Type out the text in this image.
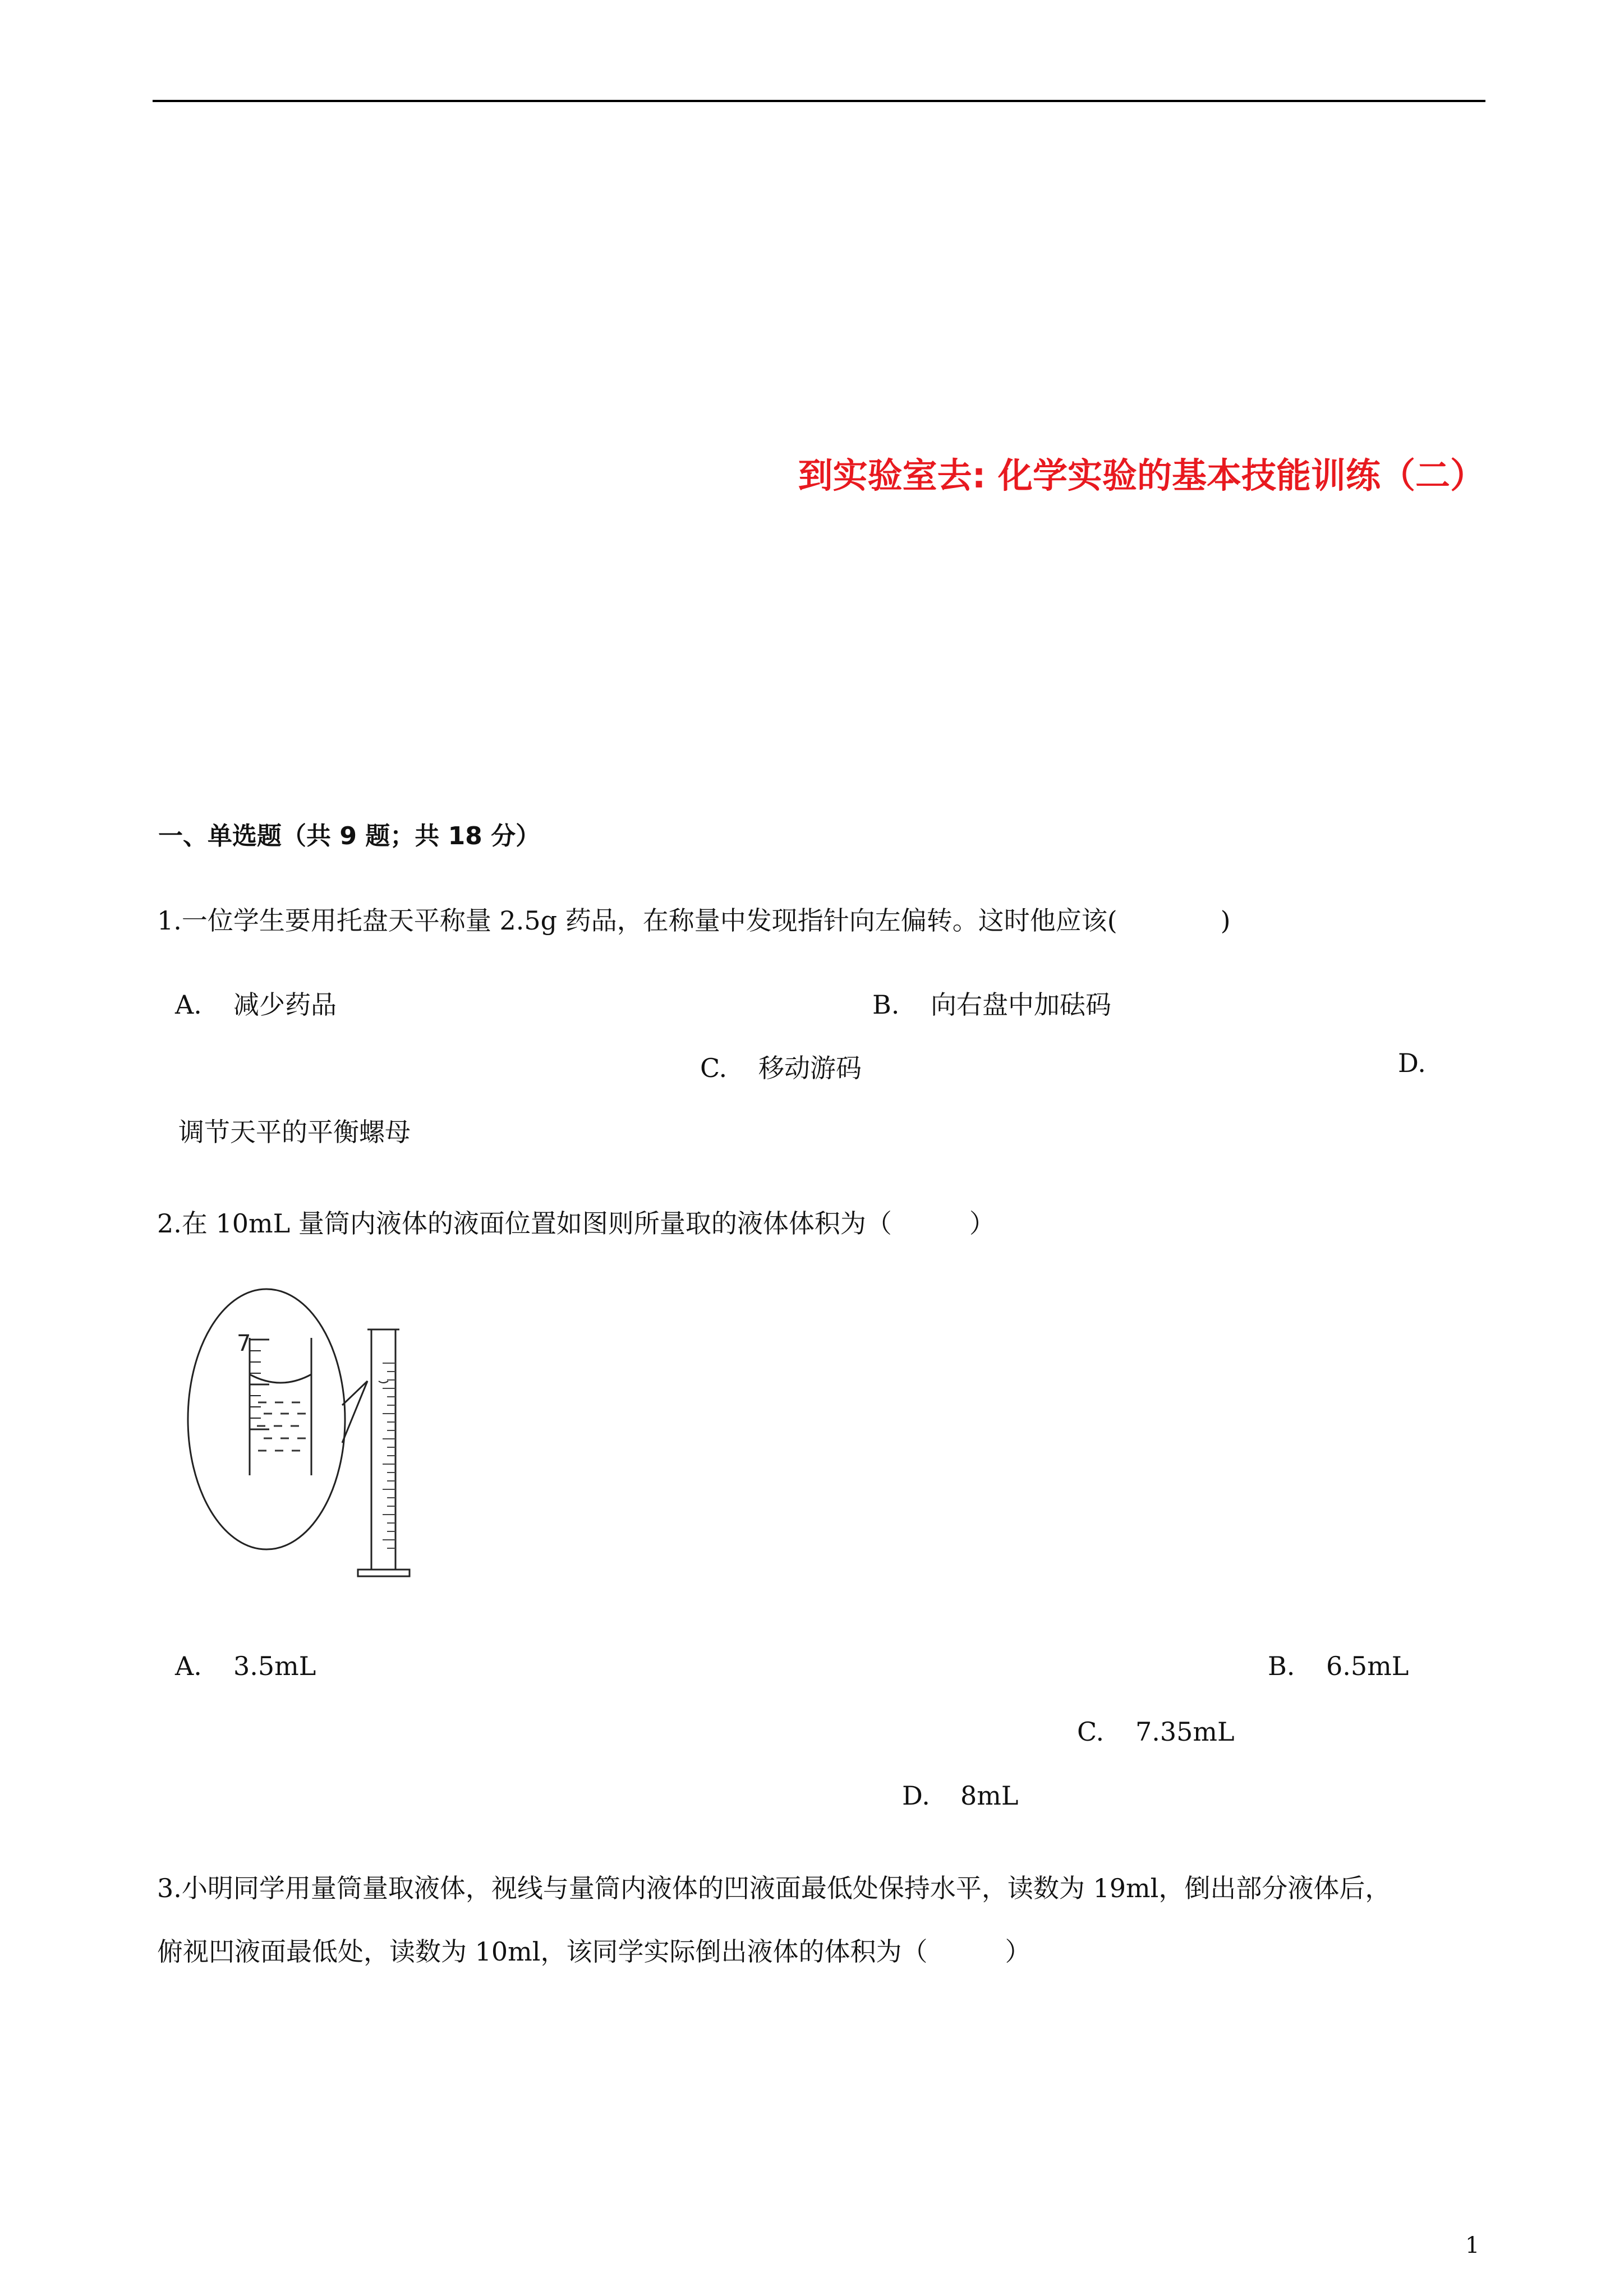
到实验室去: 化学实验的基本技能训练（二）
一、单选题（共 9 题；共 18 分）
1.一位学生要用托盘天平称量 2.5g 药品，在称量中发现指针向左偏转。这时他应该(　　　　)
A. 减少药品	B. 向右盘中加砝码
C. 移动游码	D.
调节天平的平衡螺母
2.在 10mL 量筒内液体的液面位置如图则所量取的液体体积为（　　　）
7
A. 3.5mL	B. 6.5mL
C. 7.35mL
D. 8mL
3.小明同学用量筒量取液体，视线与量筒内液体的凹液面最低处保持水平，读数为 19ml，倒出部分液体后，
俯视凹液面最低处，读数为 10ml，该同学实际倒出液体的体积为（　　　）
1
